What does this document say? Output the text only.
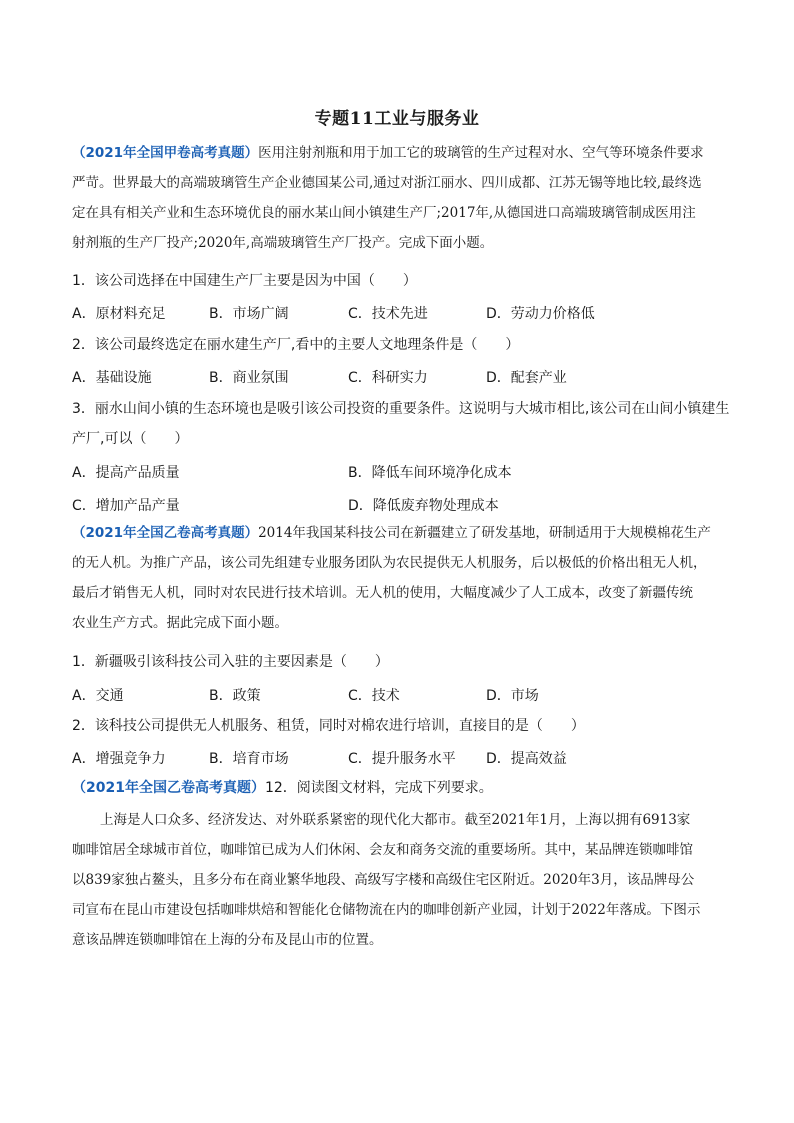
专题11工业与服务业
（2021年全国甲卷高考真题）医用注射剂瓶和用于加工它的玻璃管的生产过程对水、空气等环境条件要求
严苛。世界最大的高端玻璃管生产企业德国某公司,通过对浙江丽水、四川成都、江苏无锡等地比较,最终选
定在具有相关产业和生态环境优良的丽水某山间小镇建生产厂;2017年,从德国进口高端玻璃管制成医用注
射剂瓶的生产厂投产;2020年,高端玻璃管生产厂投产。完成下面小题。
1．该公司选择在中国建生产厂主要是因为中国（　　）
A．原材料充足	B．市场广阔	C．技术先进	D．劳动力价格低
2．该公司最终选定在丽水建生产厂,看中的主要人文地理条件是（　　）
A．基础设施	B．商业氛围	C．科研实力	D．配套产业
3．丽水山间小镇的生态环境也是吸引该公司投资的重要条件。这说明与大城市相比,该公司在山间小镇建生
产厂,可以（　　）
A．提高产品质量	B．降低车间环境净化成本
C．增加产品产量	D．降低废弃物处理成本
（2021年全国乙卷高考真题）2014年我国某科技公司在新疆建立了研发基地，研制适用于大规模棉花生产
的无人机。为推广产品，该公司先组建专业服务团队为农民提供无人机服务，后以极低的价格出租无人机，
最后才销售无人机，同时对农民进行技术培训。无人机的使用，大幅度减少了人工成本，改变了新疆传统
农业生产方式。据此完成下面小题。
1．新疆吸引该科技公司入驻的主要因素是（　　）
A．交通	B．政策	C．技术	D．市场
2．该科技公司提供无人机服务、租赁，同时对棉农进行培训，直接目的是（　　）
A．增强竞争力	B．培育市场	C．提升服务水平 D．提高效益
（2021年全国乙卷高考真题）12．阅读图文材料，完成下列要求。
上海是人口众多、经济发达、对外联系紧密的现代化大都市。截至2021年1月，上海以拥有6913家
咖啡馆居全球城市首位，咖啡馆已成为人们休闲、会友和商务交流的重要场所。其中，某品牌连锁咖啡馆
以839家独占鳌头，且多分布在商业繁华地段、高级写字楼和高级住宅区附近。2020年3月，该品牌母公
司宣布在昆山市建设包括咖啡烘焙和智能化仓储物流在内的咖啡创新产业园，计划于2022年落成。下图示
意该品牌连锁咖啡馆在上海的分布及昆山市的位置。
